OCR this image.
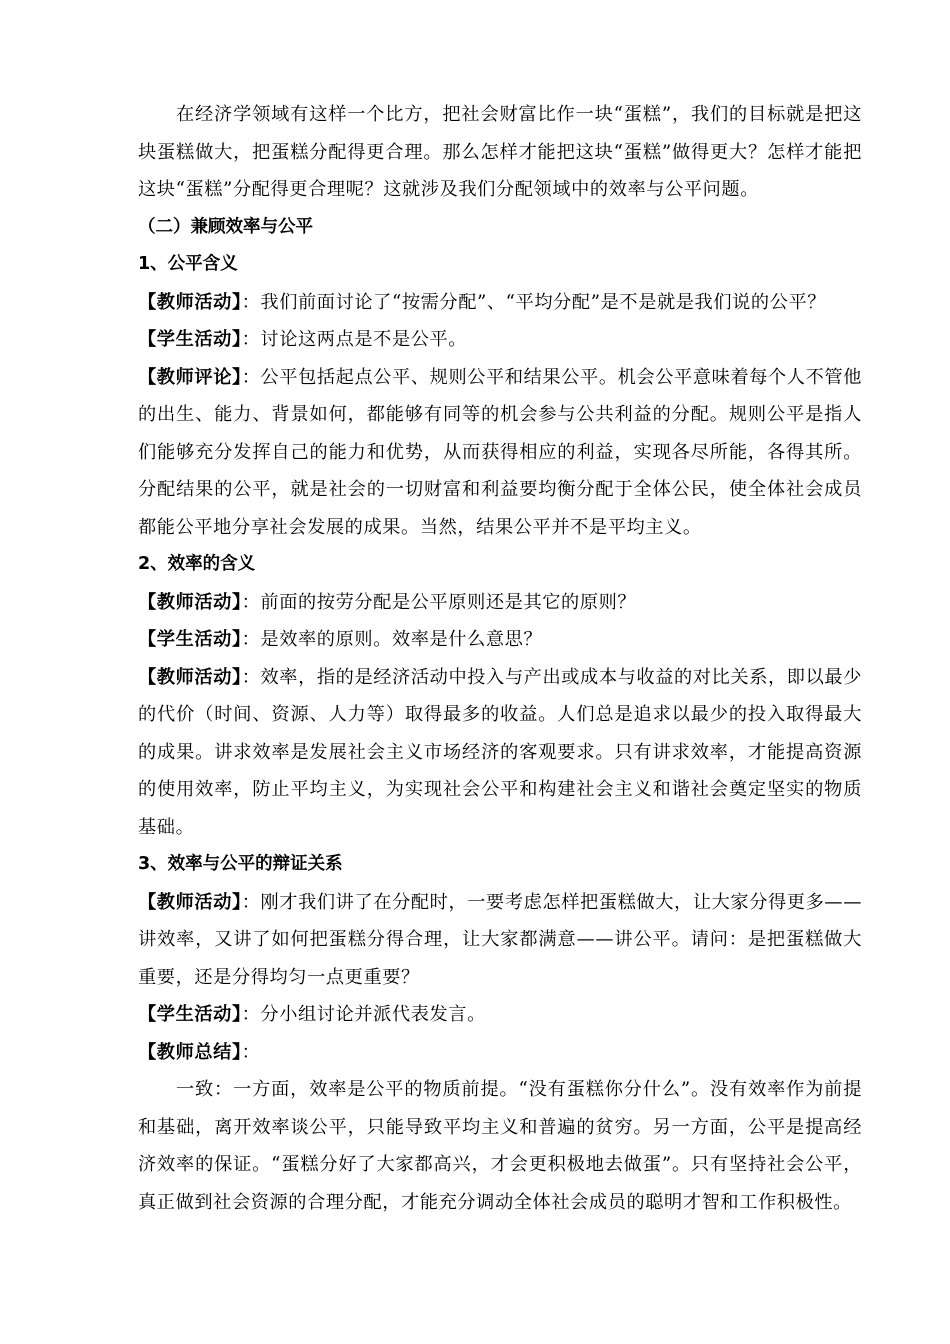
在经济学领域有这样一个比方，把社会财富比作一块“蛋糕”，我们的目标就是把这块蛋糕做大，把蛋糕分配得更合理。那么怎样才能把这块“蛋糕”做得更大？怎样才能把这块“蛋糕”分配得更合理呢？这就涉及我们分配领域中的效率与公平问题。

（二）兼顾效率与公平

1、公平含义

【教师活动】：我们前面讨论了“按需分配”、“平均分配”是不是就是我们说的公平？

【学生活动】：讨论这两点是不是公平。

【教师评论】：公平包括起点公平、规则公平和结果公平。机会公平意味着每个人不管他的出生、能力、背景如何，都能够有同等的机会参与公共利益的分配。规则公平是指人们能够充分发挥自己的能力和优势，从而获得相应的利益，实现各尽所能，各得其所。分配结果的公平，就是社会的一切财富和利益要均衡分配于全体公民，使全体社会成员都能公平地分享社会发展的成果。当然，结果公平并不是平均主义。

2、效率的含义

【教师活动】：前面的按劳分配是公平原则还是其它的原则？

【学生活动】：是效率的原则。效率是什么意思？

【教师活动】：效率，指的是经济活动中投入与产出或成本与收益的对比关系，即以最少的代价（时间、资源、人力等）取得最多的收益。人们总是追求以最少的投入取得最大的成果。讲求效率是发展社会主义市场经济的客观要求。只有讲求效率，才能提高资源的使用效率，防止平均主义，为实现社会公平和构建社会主义和谐社会奠定坚实的物质基础。

3、效率与公平的辩证关系

【教师活动】：刚才我们讲了在分配时，一要考虑怎样把蛋糕做大，让大家分得更多——讲效率，又讲了如何把蛋糕分得合理，让大家都满意——讲公平。请问：是把蛋糕做大重要，还是分得均匀一点更重要？

【学生活动】：分小组讨论并派代表发言。

【教师总结】：

一致：一方面，效率是公平的物质前提。“没有蛋糕你分什么”。没有效率作为前提和基础，离开效率谈公平，只能导致平均主义和普遍的贫穷。另一方面，公平是提高经济效率的保证。“蛋糕分好了大家都高兴，才会更积极地去做蛋”。只有坚持社会公平，真正做到社会资源的合理分配，才能充分调动全体社会成员的聪明才智和工作积极性。
